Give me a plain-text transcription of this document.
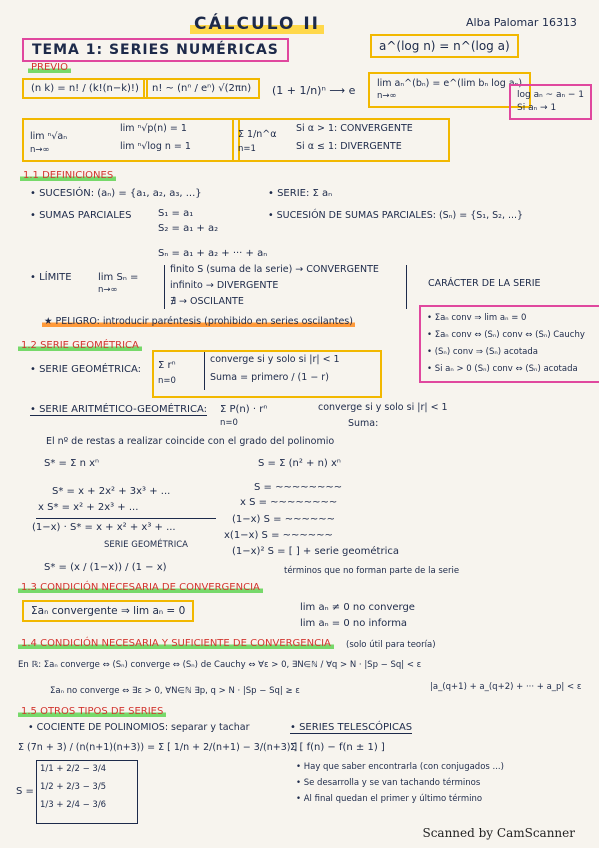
CÁLCULO II	Alba Palomar 16313
TEMA 1: SERIES NUMÉRICAS	a^(log n) = n^(log a)
PREVIO
(n k) = n! / (k!(n−k)!)	n! ~ (nⁿ / eⁿ) √(2πn)	(1 + 1/n)ⁿ ⟶ e
lim aₙ^(bₙ) = e^(lim bₙ log aₙ)
n→∞	log aₙ ~ aₙ − 1
Si aₙ → 1
lim ⁿ√aₙ
n→∞
lim ⁿ√p(n) = 1
lim ⁿ√log n = 1
Σ 1/n^α
n=1
Si α > 1: CONVERGENTE
Si α ≤ 1: DIVERGENTE
1.1 DEFINICIONES
• SUCESIÓN: (aₙ) = {a₁, a₂, a₃, ...}	• SERIE: Σ aₙ
• SUMAS PARCIALES	S₁ = a₁
S₂ = a₁ + a₂
• SUCESIÓN DE SUMAS PARCIALES: (Sₙ) = {S₁, S₂, ...}
Sₙ = a₁ + a₂ + ··· + aₙ
• LÍMITE	lim Sₙ =
n→∞
finito S (suma de la serie) → CONVERGENTE
infinito → DIVERGENTE
∄ → OSCILANTE
CARÁCTER DE LA SERIE
★ PELIGRO: introducir paréntesis (prohibido en series oscilantes)	• Σaₙ conv ⇒ lim aₙ = 0
• Σaₙ conv ⇔ (Sₙ) conv ⇔ (Sₙ) Cauchy
• (Sₙ) conv ⇒ (Sₙ) acotada
• Si aₙ > 0 (Sₙ) conv ⇔ (Sₙ) acotada
1.2 SERIE GEOMÉTRICA
• SERIE GEOMÉTRICA: Σ rⁿ
n=0
converge si y solo si |r| < 1
Suma = primero / (1 − r)
• SERIE ARITMÉTICO-GEOMÉTRICA: Σ P(n) · rⁿ
n=0
converge si y solo si |r| < 1
Suma:
El nº de restas a realizar coincide con el grado del polinomio
S* = Σ n xⁿ	S = Σ (n² + n) xⁿ
S* = x + 2x² + 3x³ + ...
x S* = x² + 2x³ + ...
(1−x) · S* = x + x² + x³ + ...
SERIE GEOMÉTRICA
S* = (x / (1−x)) / (1 − x)
S = ~~~~~~~~
x S = ~~~~~~~~
(1−x) S = ~~~~~~
x(1−x) S = ~~~~~~
(1−x)² S = [ ] + serie geométrica
términos que no forman parte de la serie
1.3 CONDICIÓN NECESARIA DE CONVERGENCIA
Σaₙ convergente ⇒ lim aₙ = 0	lim aₙ ≠ 0 no converge
lim aₙ = 0 no informa
1.4 CONDICIÓN NECESARIA Y SUFICIENTE DE CONVERGENCIA	(solo útil para teoría)
En ℝ: Σaₙ converge ⇔ (Sₙ) converge ⇔ (Sₙ) de Cauchy ⇔ ∀ε > 0, ∃N∈ℕ / ∀q > N · |Sp − Sq| < ε
Σaₙ no converge ⇔ ∃ε > 0, ∀N∈ℕ ∃p, q > N · |Sp − Sq| ≥ ε	|a_(q+1) + a_(q+2) + ··· + a_p| < ε
1.5 OTROS TIPOS DE SERIES
• COCIENTE DE POLINOMIOS: separar y tachar
Σ (7n + 3) / (n(n+1)(n+3)) = Σ [ 1/n + 2/(n+1) − 3/(n+3) ]
1/1 + 2/2 − 3/4
1/2 + 2/3 − 3/5
1/3 + 2/4 − 3/6
S =
• SERIES TELESCÓPICAS
Σ [ f(n) − f(n ± 1) ]
• Hay que saber encontrarla (con conjugados ...)
• Se desarrolla y se van tachando términos
• Al final quedan el primer y último término
Scanned by CamScanner
